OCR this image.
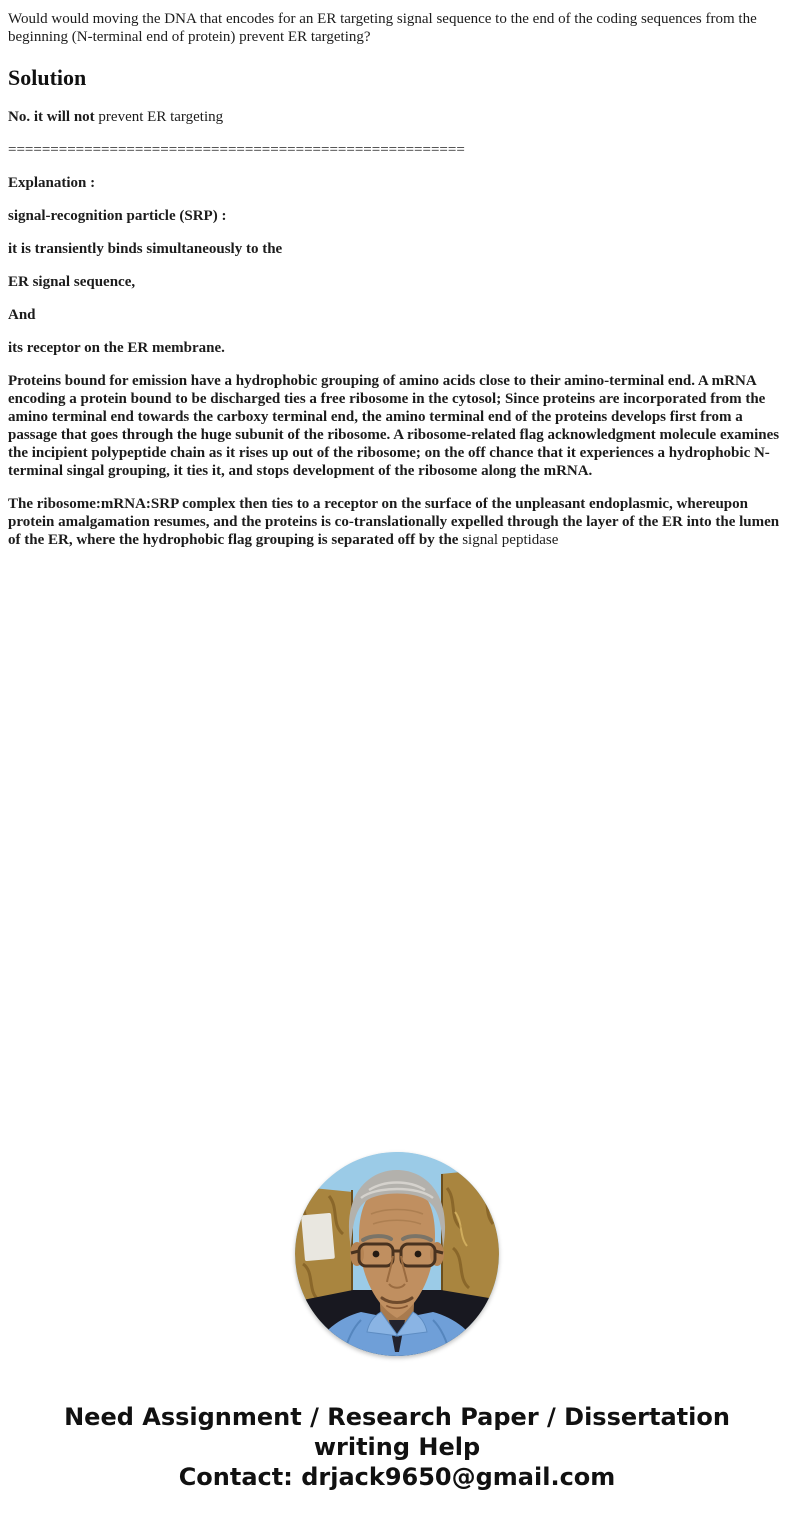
Would would moving the DNA that encodes for an ER targeting signal sequence to the end of the coding sequences from the beginning (N-terminal end of protein) prevent ER targeting?

Solution

No. it will not prevent ER targeting

======================================================

Explanation :

signal-recognition particle (SRP) :

it is transiently binds simultaneously to the

ER signal sequence,

And

its receptor on the ER membrane.

Proteins bound for emission have a hydrophobic grouping of amino acids close to their amino-terminal end. A mRNA encoding a protein bound to be discharged ties a free ribosome in the cytosol; Since proteins are incorporated from the amino terminal end towards the carboxy terminal end, the amino terminal end of the proteins develops first from a passage that goes through the huge subunit of the ribosome. A ribosome-related flag acknowledgment molecule examines the incipient polypeptide chain as it rises up out of the ribosome; on the off chance that it experiences a hydrophobic N-terminal singal grouping, it ties it, and stops development of the ribosome along the mRNA.

The ribosome:mRNA:SRP complex then ties to a receptor on the surface of the unpleasant endoplasmic, whereupon protein amalgamation resumes, and the proteins is co-translationally expelled through the layer of the ER into the lumen of the ER, where the hydrophobic flag grouping is separated off by the signal peptidase

Need Assignment / Research Paper / Dissertation writing Help
Contact: drjack9650@gmail.com
